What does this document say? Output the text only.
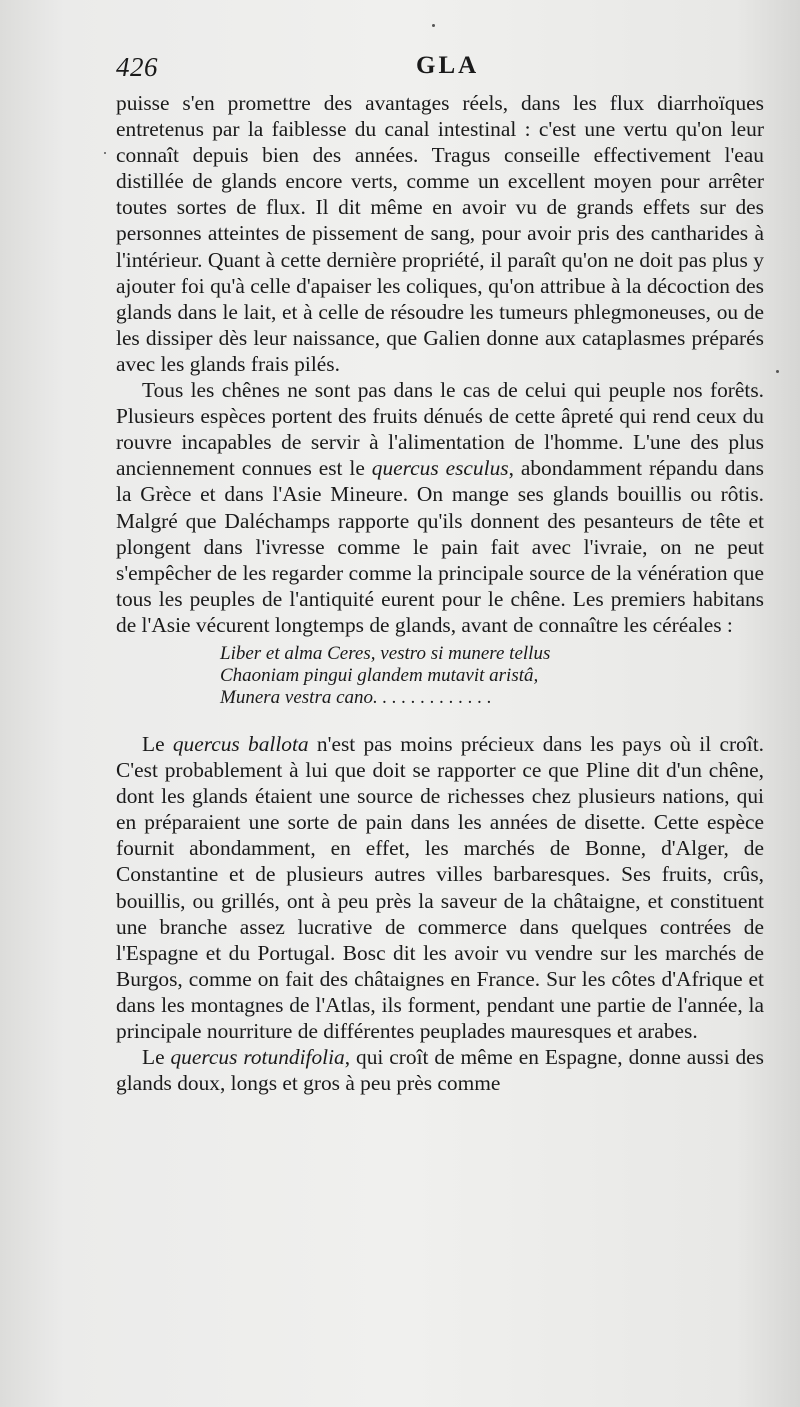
426	GLA

puisse s'en promettre des avantages réels, dans les flux diarrhoïques entretenus par la faiblesse du canal intestinal : c'est une vertu qu'on leur connaît depuis bien des années. Tragus conseille effectivement l'eau distillée de glands encore verts, comme un excellent moyen pour arrêter toutes sortes de flux. Il dit même en avoir vu de grands effets sur des personnes atteintes de pissement de sang, pour avoir pris des cantharides à l'intérieur. Quant à cette dernière propriété, il paraît qu'on ne doit pas plus y ajouter foi qu'à celle d'apaiser les coliques, qu'on attribue à la décoction des glands dans le lait, et à celle de résoudre les tumeurs phlegmoneuses, ou de les dissiper dès leur naissance, que Galien donne aux cataplasmes préparés avec les glands frais pilés.

Tous les chênes ne sont pas dans le cas de celui qui peuple nos forêts. Plusieurs espèces portent des fruits dénués de cette âpreté qui rend ceux du rouvre incapables de servir à l'alimentation de l'homme. L'une des plus anciennement connues est le quercus esculus, abondamment répandu dans la Grèce et dans l'Asie Mineure. On mange ses glands bouillis ou rôtis. Malgré que Daléchamps rapporte qu'ils donnent des pesanteurs de tête et plongent dans l'ivresse comme le pain fait avec l'ivraie, on ne peut s'empêcher de les regarder comme la principale source de la vénération que tous les peuples de l'antiquité eurent pour le chêne. Les premiers habitans de l'Asie vécurent longtemps de glands, avant de connaître les céréales :

Liber et alma Ceres, vestro si munere tellus
Chaoniam pingui glandem mutavit aristâ,
Munera vestra cano. . . . . . . . . . . . .

Le quercus ballota n'est pas moins précieux dans les pays où il croît. C'est probablement à lui que doit se rapporter ce que Pline dit d'un chêne, dont les glands étaient une source de richesses chez plusieurs nations, qui en préparaient une sorte de pain dans les années de disette. Cette espèce fournit abondamment, en effet, les marchés de Bonne, d'Alger, de Constantine et de plusieurs autres villes barbaresques. Ses fruits, crûs, bouillis, ou grillés, ont à peu près la saveur de la châtaigne, et constituent une branche assez lucrative de commerce dans quelques contrées de l'Espagne et du Portugal. Bosc dit les avoir vu vendre sur les marchés de Burgos, comme on fait des châtaignes en France. Sur les côtes d'Afrique et dans les montagnes de l'Atlas, ils forment, pendant une partie de l'année, la principale nourriture de différentes peuplades mauresques et arabes.

Le quercus rotundifolia, qui croît de même en Espagne, donne aussi des glands doux, longs et gros à peu près comme
